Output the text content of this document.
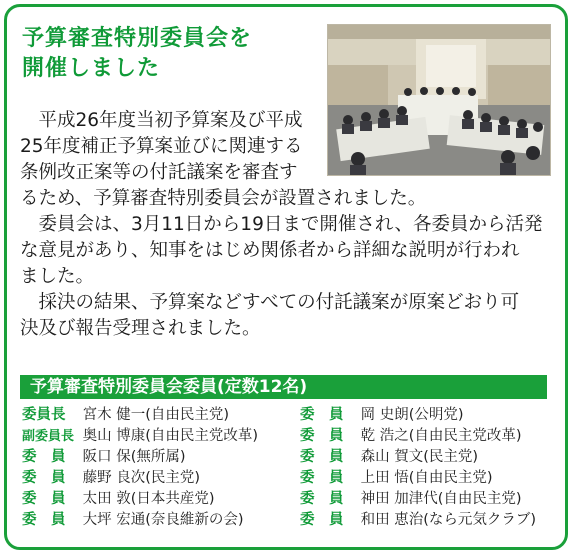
予算審査特別委員会を
開催しました
　平成26年度当初予算案及び平成
25年度補正予算案並びに関連する
条例改正案等の付託議案を審査す
るため、予算審査特別委員会が設置されました。
　委員会は、3月11日から19日まで開催され、各委員から活発
な意見があり、知事をはじめ関係者から詳細な説明が行われ
ました。
　採決の結果、予算案などすべての付託議案が原案どおり可
決及び報告受理されました。
予算審査特別委員会委員(定数12名)
委員長 宮木 健一(自由民主党)
副委員長 奥山 博康(自由民主党改革)
委　員 阪口 保(無所属)
委　員 藤野 良次(民主党)
委　員 太田 敦(日本共産党)
委　員 大坪 宏通(奈良維新の会)
委　員 岡 史朗(公明党)
委　員 乾 浩之(自由民主党改革)
委　員 森山 賀文(民主党)
委　員 上田 悟(自由民主党)
委　員 神田 加津代(自由民主党)
委　員 和田 恵治(なら元気クラブ)
